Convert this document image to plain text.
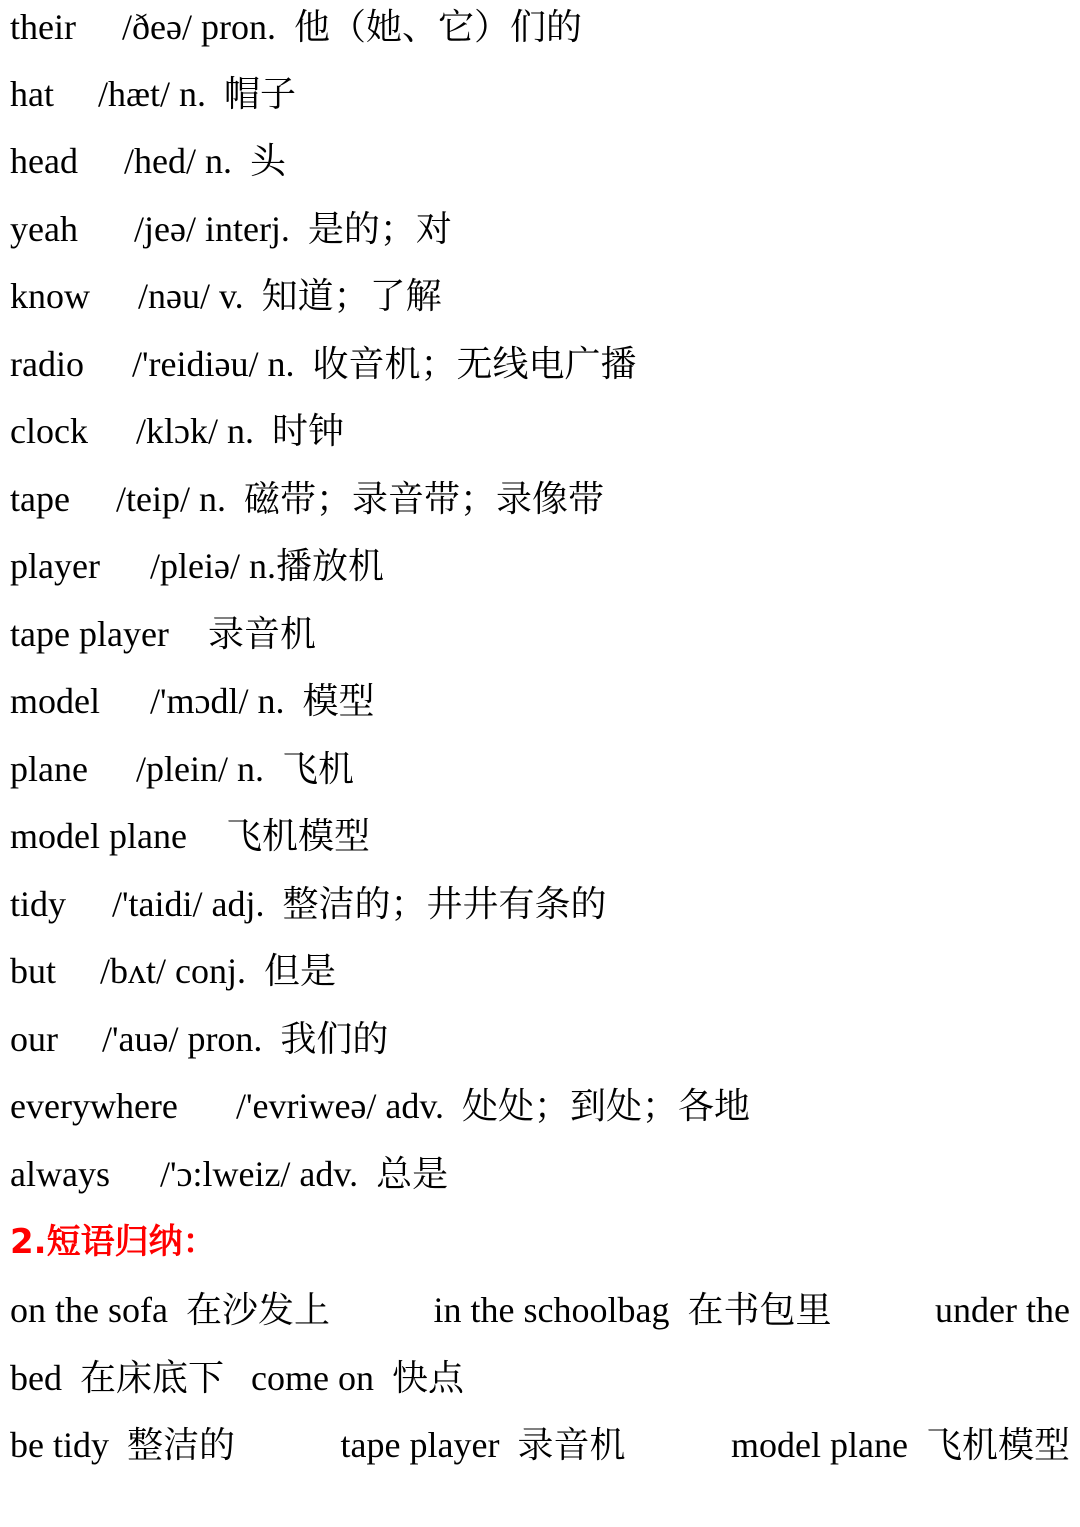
their /ðeə/ pron.  他（她、它）们的
hat /hæt/ n.  帽子
head /hed/ n.  头
yeah /jeə/ interj.  是的；对
know /nəu/ v.  知道；了解
radio /'reidiəu/ n.  收音机；无线电广播
clock /klɔk/ n.  时钟
tape /teip/ n.  磁带；录音带；录像带
player /pleiə/ n.播放机
tape player 录音机
model /'mɔdl/ n.  模型
plane /plein/ n.  飞机
model plane 飞机模型
tidy /'taidi/ adj.  整洁的；井井有条的
but /bʌt/ conj.  但是
our /'auə/ pron.  我们的
everywhere /'evriweə/ adv.  处处；到处；各地
always /'ɔ:lweiz/ adv.  总是
2.短语归纳：
on the sofa  在沙发上	in the schoolbag  在书包里	under the
bed  在床底下   come on  快点
be tidy  整洁的	tape player  录音机	model plane  飞机模型
